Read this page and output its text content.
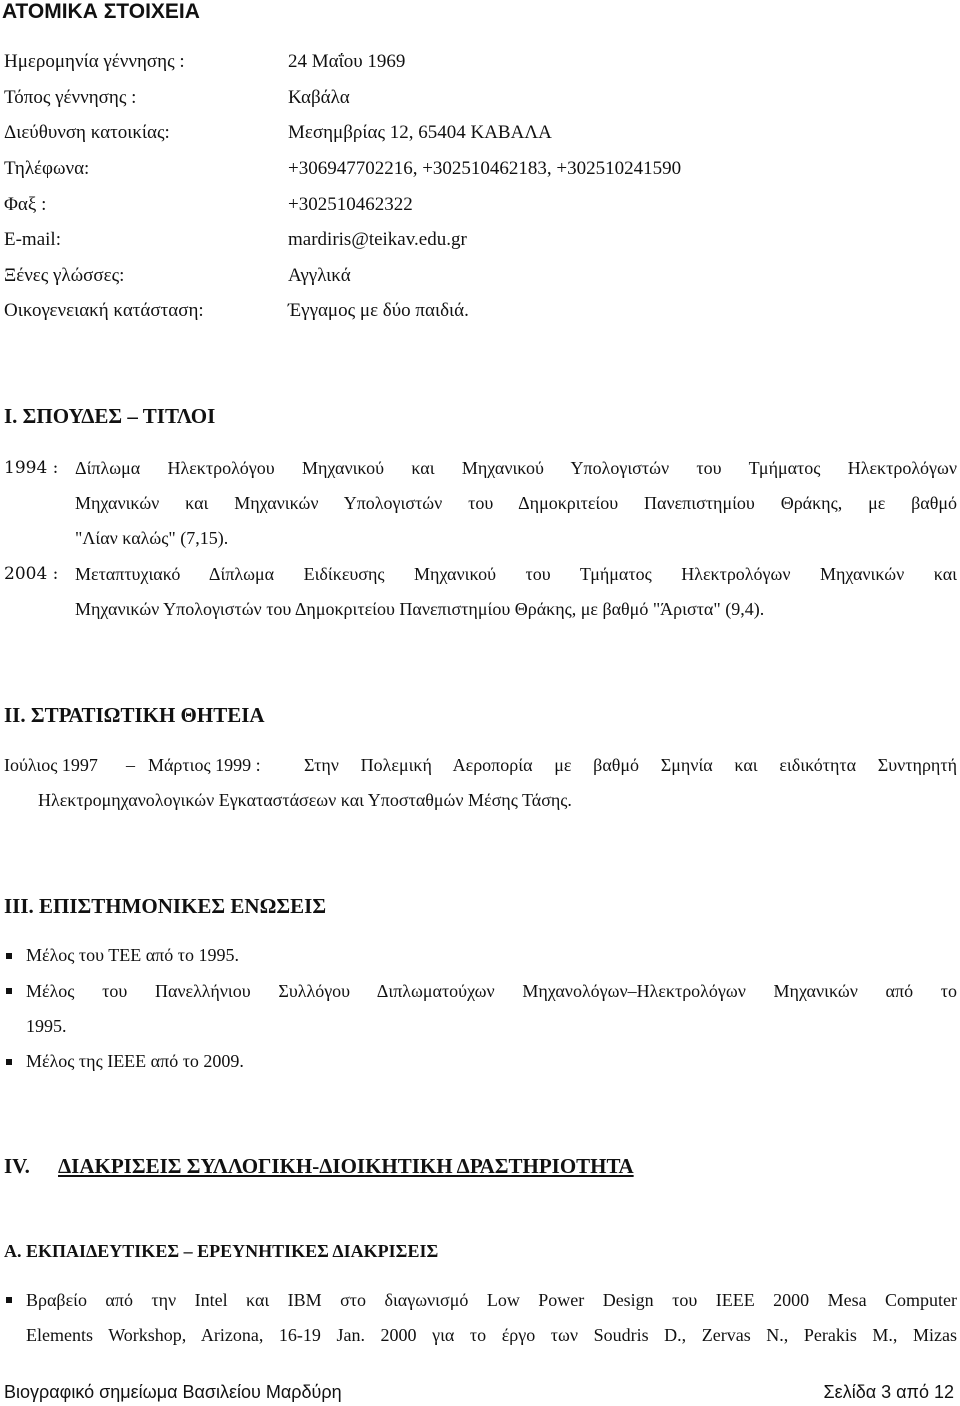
ΑΤΟΜΙΚΑ ΣΤΟΙΧΕΙΑ
Ημερομηνία γέννησης :	24 Μαΐου 1969
Τόπος γέννησης :	Καβάλα
Διεύθυνση κατοικίας:	Μεσημβρίας 12, 65404 ΚΑΒΑΛΑ
Τηλέφωνα:	+306947702216, +302510462183, +302510241590
Φαξ :	+302510462322
E-mail:	mardiris@teikav.edu.gr
Ξένες γλώσσες:	Αγγλικά
Οικογενειακή κατάσταση:	Έγγαμος με δύο παιδιά.
Ι. ΣΠΟΥΔΕΣ – ΤΙΤΛΟΙ
1994 : Δίπλωμα Ηλεκτρολόγου Μηχανικού και Μηχανικού Υπολογιστών του Τμήματος Ηλεκτρολόγων
Μηχανικών και Μηχανικών Υπολογιστών του Δημοκριτείου Πανεπιστημίου Θράκης, με βαθμό
"Λίαν καλώς" (7,15).
2004 : Μεταπτυχιακό Δίπλωμα Ειδίκευσης Μηχανικού του Τμήματος Ηλεκτρολόγων Μηχανικών και
Μηχανικών Υπολογιστών του Δημοκριτείου Πανεπιστημίου Θράκης, με βαθμό "Άριστα" (9,4).
ΙΙ. ΣΤΡΑΤΙΩΤΙΚΗ ΘΗΤΕΙΑ
Ιούλιος 1997 – Μάρτιος 1999 : Στην Πολεμική Αεροπορία με βαθμό Σμηνία και ειδικότητα Συντηρητή
Ηλεκτρομηχανολογικών Εγκαταστάσεων και Υποσταθμών Μέσης Τάσης.
ΙΙΙ. ΕΠΙΣΤΗΜΟΝΙΚΕΣ ΕΝΩΣΕΙΣ
Μέλος του ΤΕΕ από το 1995.
Μέλος του Πανελλήνιου Συλλόγου Διπλωματούχων Μηχανολόγων–Ηλεκτρολόγων Μηχανικών από το
1995.
Μέλος της IEEE από το 2009.
IV. ΔΙΑΚΡΙΣΕΙΣ ΣΥΛΛΟΓΙΚΗ-ΔΙΟΙΚΗΤΙΚΗ ΔΡΑΣΤΗΡΙΟΤΗΤΑ
Α. ΕΚΠΑΙΔΕΥΤΙΚΕΣ – ΕΡΕΥΝΗΤΙΚΕΣ ΔΙΑΚΡΙΣΕΙΣ
Βραβείο από την Intel και IBM στο διαγωνισμό Low Power Design του IEEE 2000 Mesa Computer
Elements Workshop, Arizona, 16-19 Jan. 2000 για το έργο των Soudris D., Zervas N., Perakis M., Mizas
Βιογραφικό σημείωμα Βασιλείου Μαρδύρη	Σελίδα 3 από 12
